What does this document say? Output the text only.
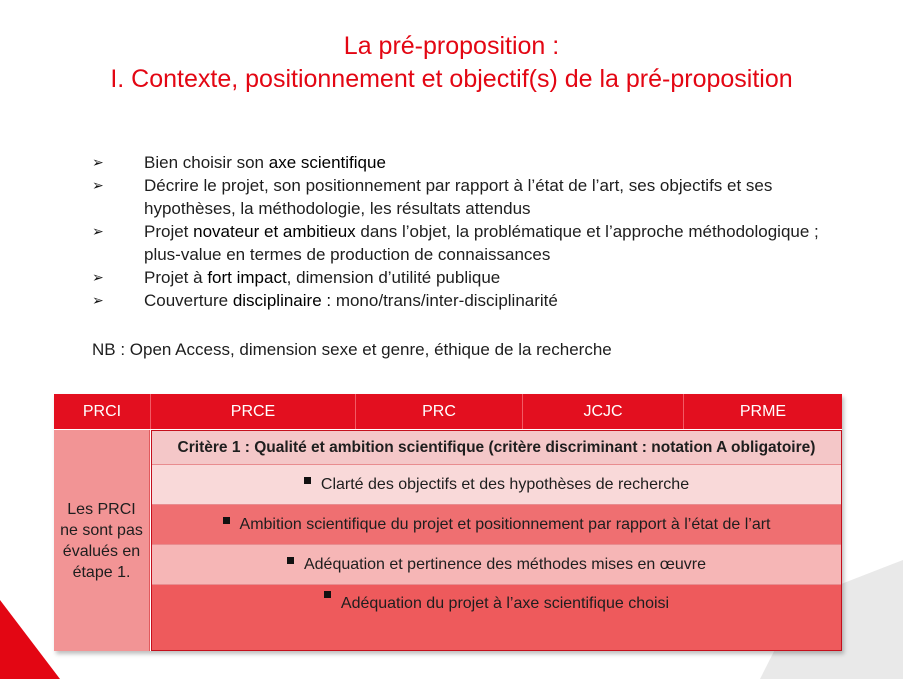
La pré-proposition :
I. Contexte, positionnement et objectif(s) de la pré-proposition
➢	Bien choisir son axe scientifique
➢	Décrire le projet, son positionnement par rapport à l’état de l’art, ses objectifs et ses hypothèses, la méthodologie, les résultats attendus
➢	Projet novateur et ambitieux dans l’objet, la problématique et l’approche méthodologique ; plus-value en termes de production de connaissances
➢	Projet à fort impact, dimension d’utilité publique
➢	Couverture disciplinaire : mono/trans/inter-disciplinarité
NB : Open Access, dimension sexe et genre, éthique de la recherche
PRCI	PRCE	PRC	JCJC	PRME
Les PRCI ne sont pas évalués en étape 1.
Critère 1 : Qualité et ambition scientifique (critère discriminant : notation A obligatoire)
Clarté des objectifs et des hypothèses de recherche
Ambition scientifique du projet et positionnement par rapport à l’état de l’art
Adéquation et pertinence des méthodes mises en œuvre
Adéquation du projet à l’axe scientifique choisi
